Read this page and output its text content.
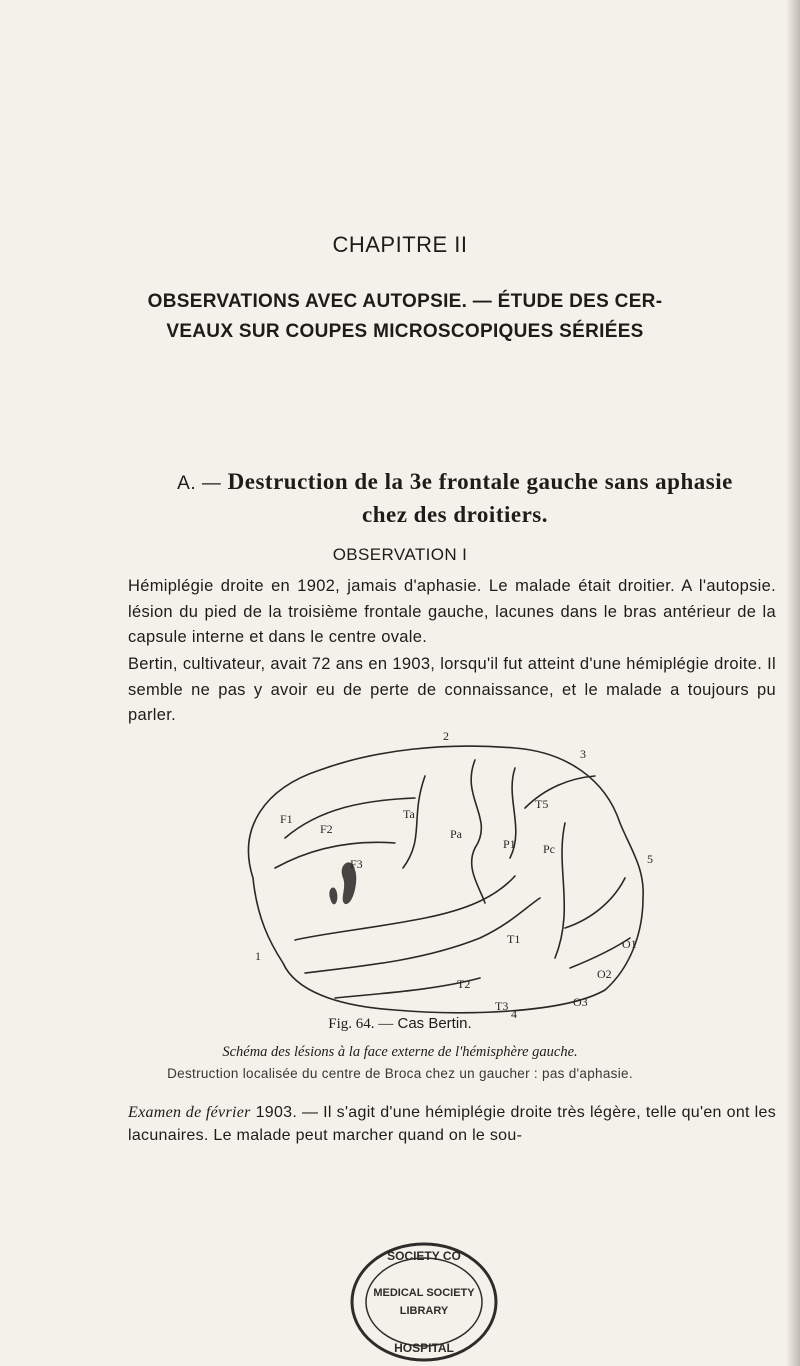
CHAPITRE II
OBSERVATIONS AVEC AUTOPSIE. — ÉTUDE DES CER-
VEAUX SUR COUPES MICROSCOPIQUES SÉRIÉES
A. — Destruction de la 3e frontale gauche sans aphasie
chez des droitiers.
OBSERVATION I
Hémiplégie droite en 1902, jamais d'aphasie. Le malade était droitier. A l'autopsie. lésion du pied de la troisième frontale gauche, lacunes dans le bras antérieur de la capsule interne et dans le centre ovale.
Bertin, cultivateur, avait 72 ans en 1903, lorsqu'il fut atteint d'une hémiplégie droite. Il semble ne pas y avoir eu de perte de connaissance, et le malade a toujours pu parler.
2
3
5
4
1
F1
F2
F3
T1
T2
T3
Ta
Pa
P1 Pc
T5
O1
O2
O3
Fig. 64. — Cas Bertin.
Schéma des lésions à la face externe de l'hémisphère gauche.
Destruction localisée du centre de Broca chez un gaucher : pas d'aphasie.
Examen de février 1903. — Il s'agit d'une hémiplégie droite très légère, telle qu'en ont les lacunaires. Le malade peut marcher quand on le sou-
SOCIETY CO
MEDICAL SOCIETY
LIBRARY
HOSPITAL
